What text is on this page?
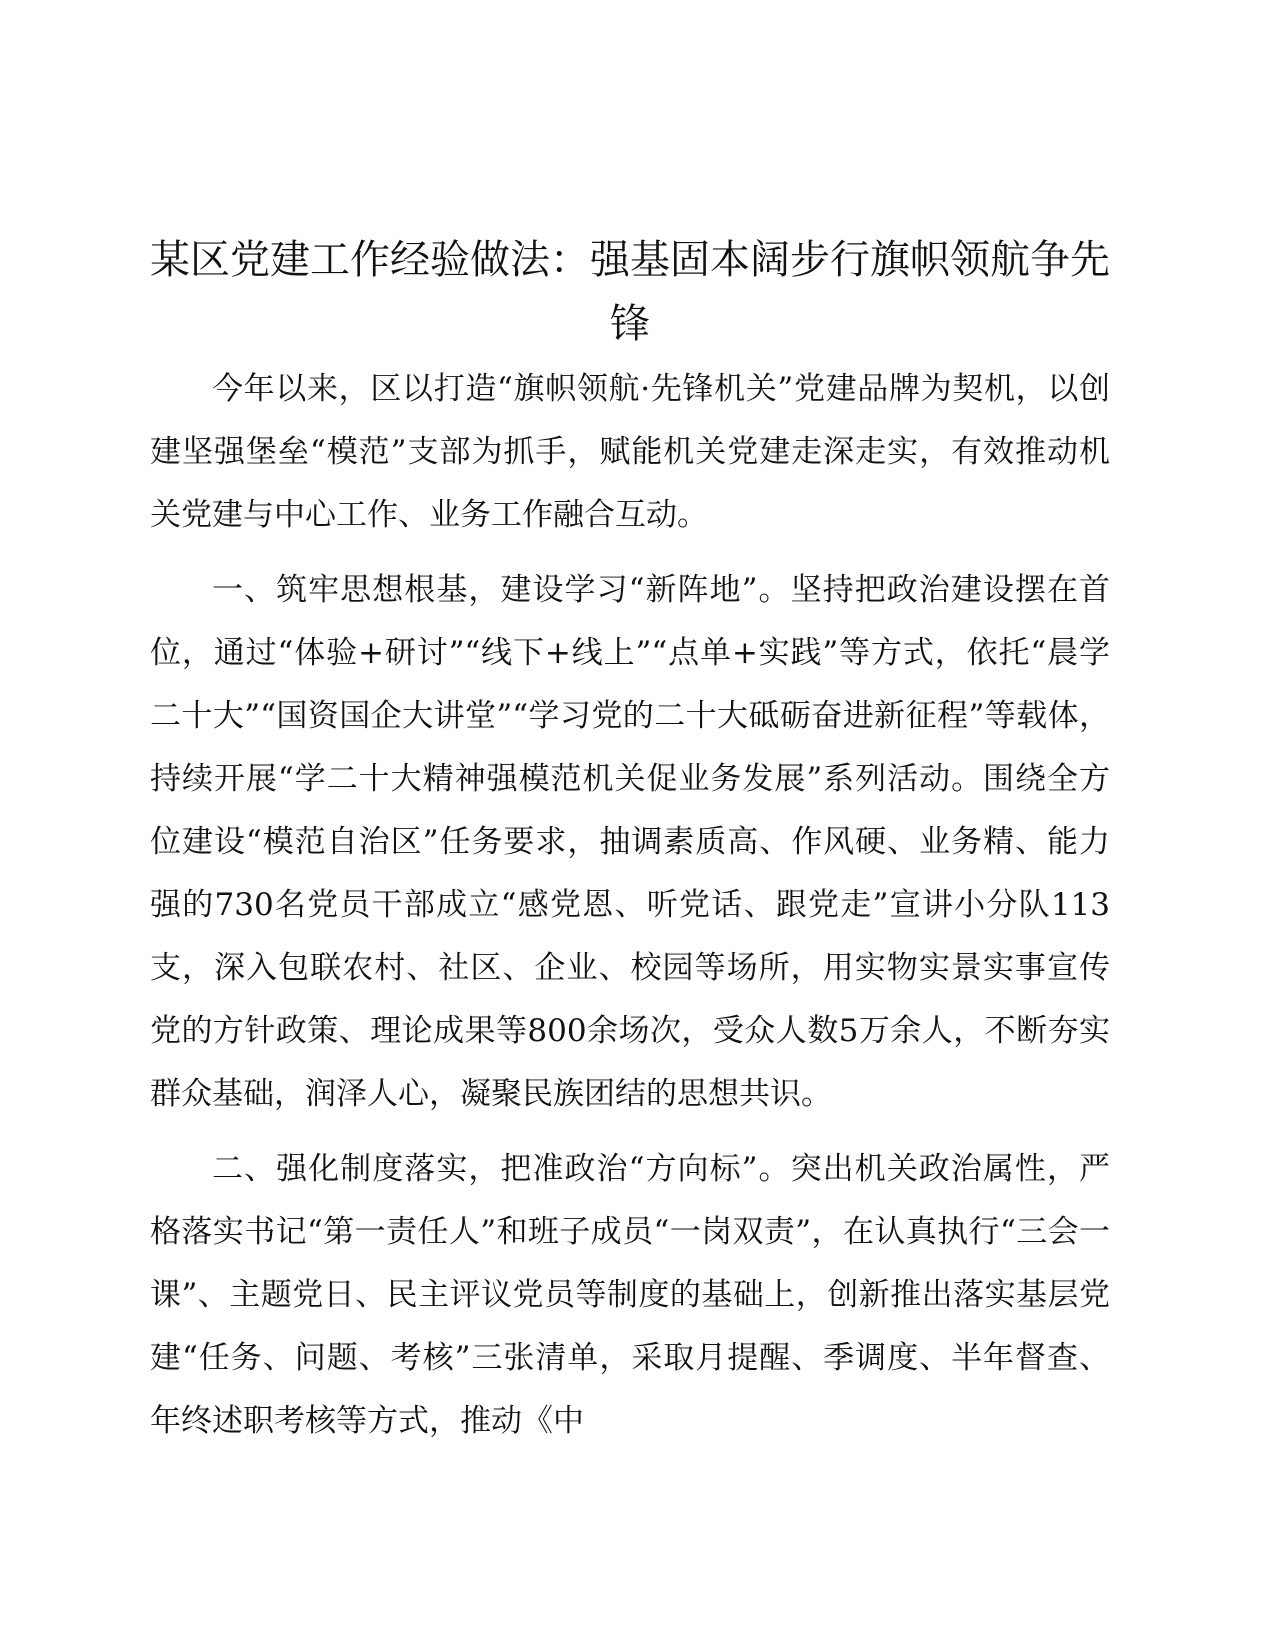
某区党建工作经验做法：强基固本阔步行旗帜领航争先锋

今年以来，区以打造“旗帜领航·先锋机关”党建品牌为契机，以创建坚强堡垒“模范”支部为抓手，赋能机关党建走深走实，有效推动机关党建与中心工作、业务工作融合互动。

一、筑牢思想根基，建设学习“新阵地”。坚持把政治建设摆在首位，通过“体验+研讨”“线下+线上”“点单+实践”等方式，依托“晨学二十大”“国资国企大讲堂”“学习党的二十大砥砺奋进新征程”等载体，持续开展“学二十大精神强模范机关促业务发展”系列活动。围绕全方位建设“模范自治区”任务要求，抽调素质高、作风硬、业务精、能力强的730名党员干部成立“感党恩、听党话、跟党走”宣讲小分队113支，深入包联农村、社区、企业、校园等场所，用实物实景实事宣传党的方针政策、理论成果等800余场次，受众人数5万余人，不断夯实群众基础，润泽人心，凝聚民族团结的思想共识。

二、强化制度落实，把准政治“方向标”。突出机关政治属性，严格落实书记“第一责任人”和班子成员“一岗双责”，在认真执行“三会一课”、主题党日、民主评议党员等制度的基础上，创新推出落实基层党建“任务、问题、考核”三张清单，采取月提醒、季调度、半年督查、年终述职考核等方式，推动《中
